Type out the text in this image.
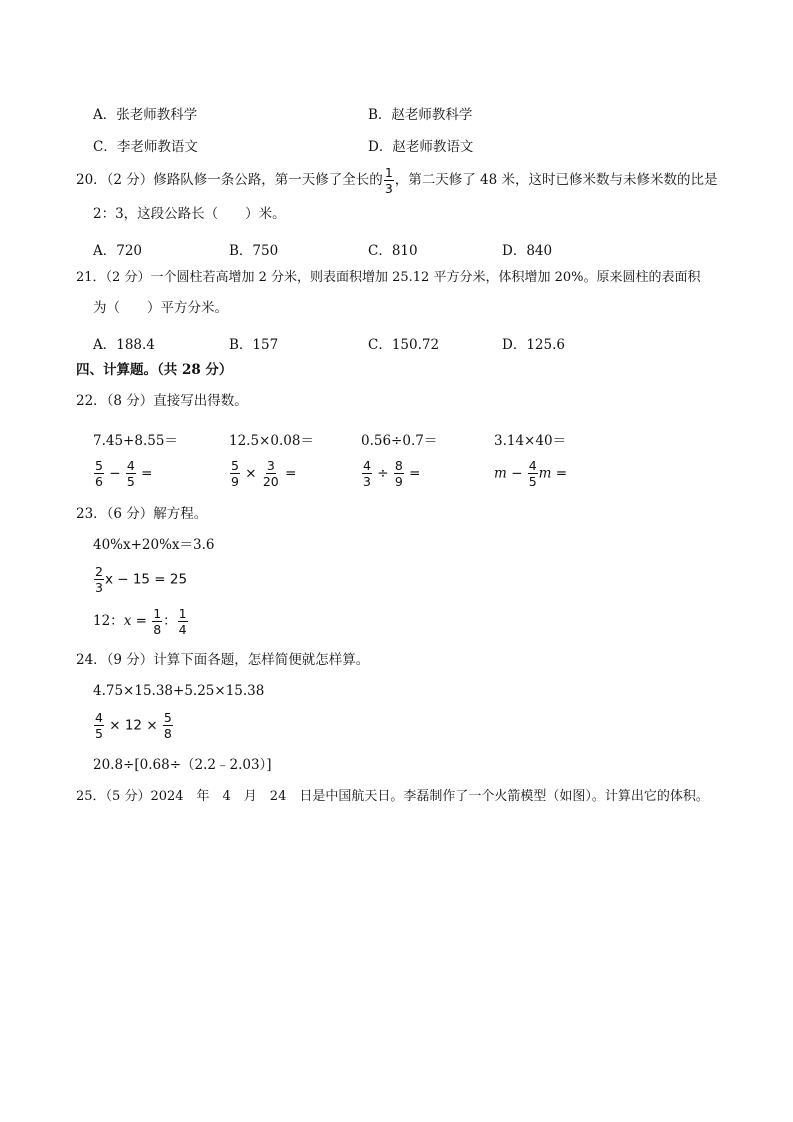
A．张老师教科学	B．赵老师教科学
C．李老师教语文	D．赵老师教语文
20．（2 分）修路队修一条公路，第一天修了全长的 $\frac{1}{3}$ ，第二天修了 48 米，这时已修米数与未修米数的比是
2：3，这段公路长（　　）米。
A．720	B．750	C．810	D．840
21．（2 分）一个圆柱若高增加 2 分米，则表面积增加 25.12 平方分米，体积增加 20%。原来圆柱的表面积
为（　　）平方分米。
A．188.4	B．157	C．150.72	D．125.6
四、计算题。（共 28 分）
22．（8 分）直接写出得数。
7.45+8.55＝	12.5×0.08＝	0.56÷0.7＝	3.14×40＝
$\frac{5}{6} - \frac{4}{5}$ =	$\frac{5}{9} \times \frac{3}{20}$ =	$\frac{4}{3} \div \frac{8}{9}$ =	$m - \frac{4}{5}$ m =
23．（6 分）解方程。
40%x+20%x＝3.6
$\frac{2}{3}$ x − 15 = 25
12：$x = \frac{1}{8}$ ： $\frac{1}{4}$
24．（9 分）计算下面各题，怎样简便就怎样算。
4.75×15.38+5.25×15.38
$\frac{4}{5} \times 12 \times \frac{5}{8}$
20.8÷[0.68÷（2.2﹣2.03）]
25．（5 分）2024　年　4　月　24　日是中国航天日。李磊制作了一个火箭模型（如图）。计算出它的体积。
